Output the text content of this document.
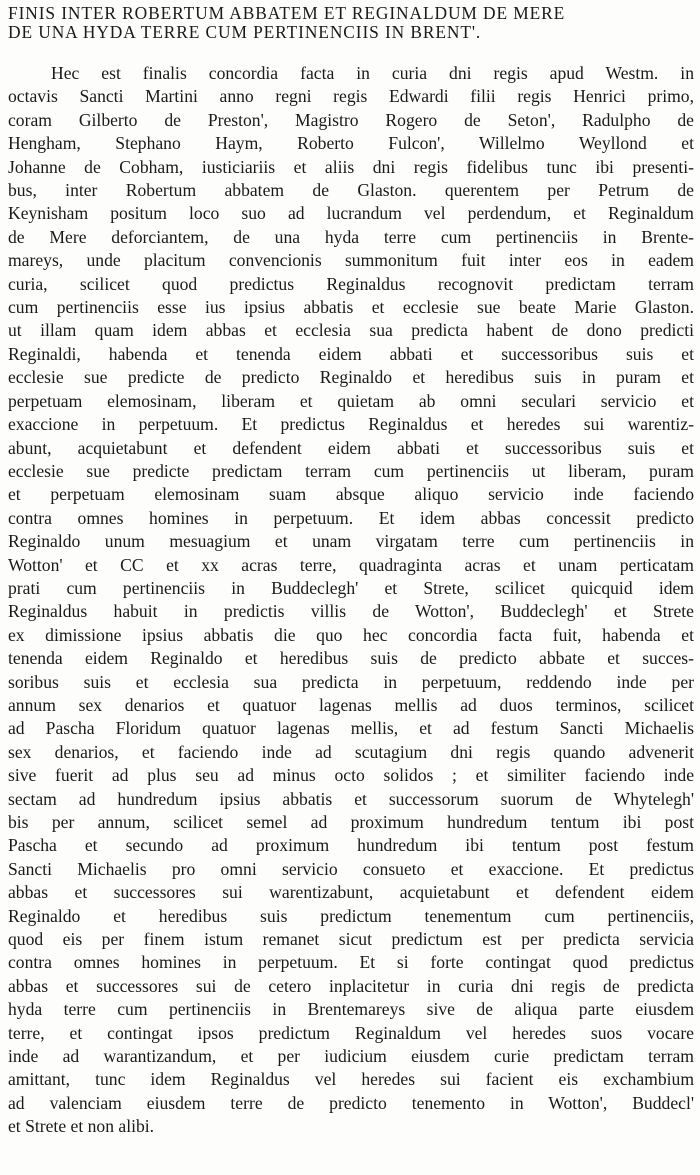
FINIS INTER ROBERTUM ABBATEM ET REGINALDUM DE MERE
DE UNA HYDA TERRE CUM PERTINENCIIS IN BRENT'.
Hec est finalis concordia facta in curia dni regis apud Westm. in
octavis Sancti Martini anno regni regis Edwardi filii regis Henrici primo,
coram Gilberto de Preston', Magistro Rogero de Seton', Radulpho de
Hengham, Stephano Haym, Roberto Fulcon', Willelmo Weyllond et
Johanne de Cobham, iusticiariis et aliis dni regis fidelibus tunc ibi presenti-
bus, inter Robertum abbatem de Glaston. querentem per Petrum de
Keynisham positum loco suo ad lucrandum vel perdendum, et Reginaldum
de Mere deforciantem, de una hyda terre cum pertinenciis in Brente-
mareys, unde placitum convencionis summonitum fuit inter eos in eadem
curia, scilicet quod predictus Reginaldus recognovit predictam terram
cum pertinenciis esse ius ipsius abbatis et ecclesie sue beate Marie Glaston.
ut illam quam idem abbas et ecclesia sua predicta habent de dono predicti
Reginaldi, habenda et tenenda eidem abbati et successoribus suis et
ecclesie sue predicte de predicto Reginaldo et heredibus suis in puram et
perpetuam elemosinam, liberam et quietam ab omni seculari servicio et
exaccione in perpetuum. Et predictus Reginaldus et heredes sui warentiz-
abunt, acquietabunt et defendent eidem abbati et successoribus suis et
ecclesie sue predicte predictam terram cum pertinenciis ut liberam, puram
et perpetuam elemosinam suam absque aliquo servicio inde faciendo
contra omnes homines in perpetuum. Et idem abbas concessit predicto
Reginaldo unum mesuagium et unam virgatam terre cum pertinenciis in
Wotton' et CC et xx acras terre, quadraginta acras et unam perticatam
prati cum pertinenciis in Buddeclegh' et Strete, scilicet quicquid idem
Reginaldus habuit in predictis villis de Wotton', Buddeclegh' et Strete
ex dimissione ipsius abbatis die quo hec concordia facta fuit, habenda et
tenenda eidem Reginaldo et heredibus suis de predicto abbate et succes-
soribus suis et ecclesia sua predicta in perpetuum, reddendo inde per
annum sex denarios et quatuor lagenas mellis ad duos terminos, scilicet
ad Pascha Floridum quatuor lagenas mellis, et ad festum Sancti Michaelis
sex denarios, et faciendo inde ad scutagium dni regis quando advenerit
sive fuerit ad plus seu ad minus octo solidos ; et similiter faciendo inde
sectam ad hundredum ipsius abbatis et successorum suorum de Whytelegh'
bis per annum, scilicet semel ad proximum hundredum tentum ibi post
Pascha et secundo ad proximum hundredum ibi tentum post festum
Sancti Michaelis pro omni servicio consueto et exaccione. Et predictus
abbas et successores sui warentizabunt, acquietabunt et defendent eidem
Reginaldo et heredibus suis predictum tenementum cum pertinenciis,
quod eis per finem istum remanet sicut predictum est per predicta servicia
contra omnes homines in perpetuum. Et si forte contingat quod predictus
abbas et successores sui de cetero inplacitetur in curia dni regis de predicta
hyda terre cum pertinenciis in Brentemareys sive de aliqua parte eiusdem
terre, et contingat ipsos predictum Reginaldum vel heredes suos vocare
inde ad warantizandum, et per iudicium eiusdem curie predictam terram
amittant, tunc idem Reginaldus vel heredes sui facient eis exchambium
ad valenciam eiusdem terre de predicto tenemento in Wotton', Buddecl'
et Strete et non alibi.
